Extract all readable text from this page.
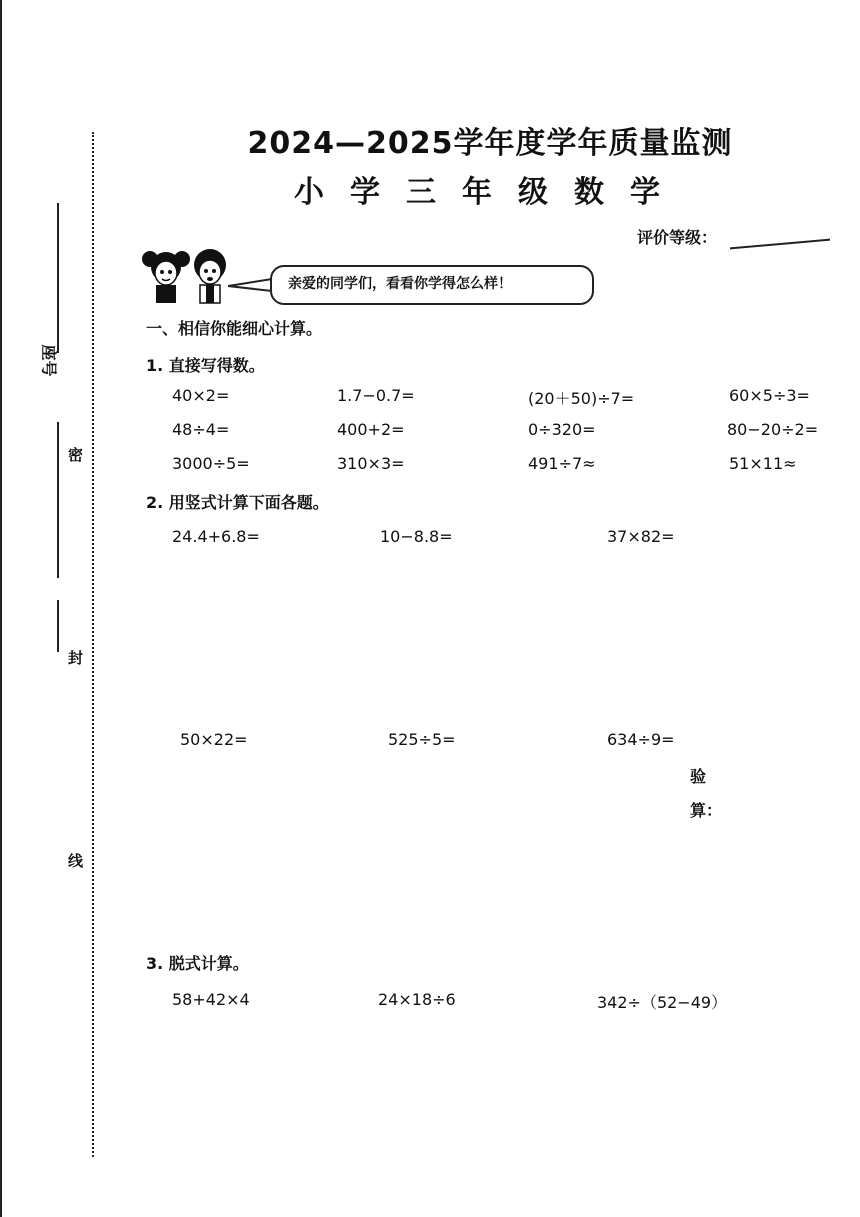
座号
密
封
线
2024—2025学年度学年质量监测
小学三年级数学
评价等级：
亲爱的同学们，看看你学得怎么样！
一、相信你能细心计算。
1. 直接写得数。
40×2=	1.7−0.7=	(20＋50)÷7=	60×5÷3=
48÷4=	400+2=	0÷320=	80−20÷2=
3000÷5=	310×3=	491÷7≈	51×11≈
2. 用竖式计算下面各题。
24.4+6.8=	10−8.8=	37×82=
50×22=	525÷5=	634÷9=
验
算：
3. 脱式计算。
58+42×4	24×18÷6	342÷（52−49）
